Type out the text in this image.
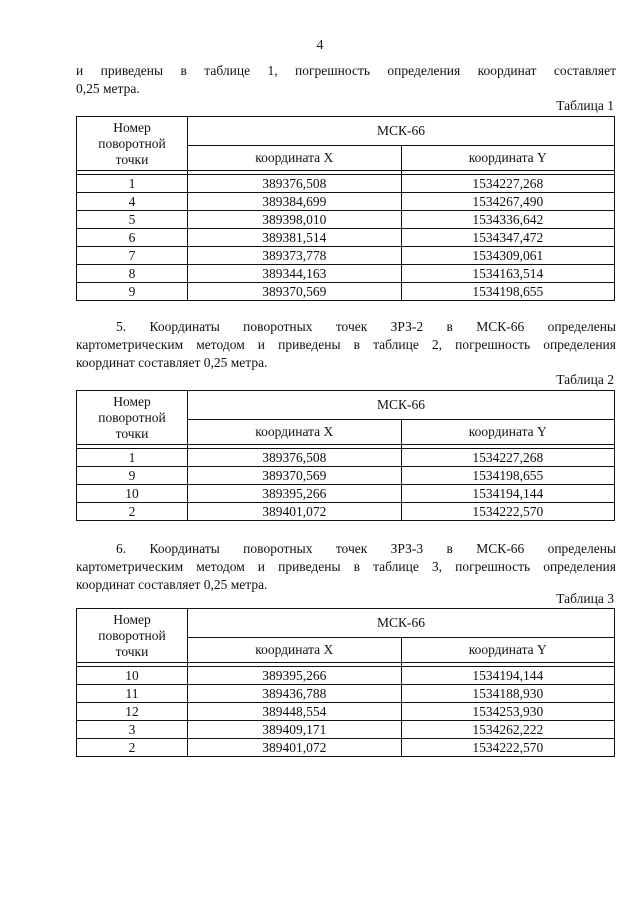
4
и приведены в таблице 1, погрешность определения координат составляет
0,25 метра.
Таблица 1
Номер
поворотной
точки	МСК-66	
	координата X	координата Y

1	389376,508	1534227,268
4	389384,699	1534267,490
5	389398,010	1534336,642
6	389381,514	1534347,472
7	389373,778	1534309,061
8	389344,163	1534163,514
9	389370,569	1534198,655
5. Координаты поворотных точек ЗРЗ-2 в МСК-66 определены
картометрическим методом и приведены в таблице 2, погрешность определения
координат составляет 0,25 метра.
Таблица 2
Номер
поворотной
точки	МСК-66	
	координата X	координата Y

1	389376,508	1534227,268
9	389370,569	1534198,655
10	389395,266	1534194,144
2	389401,072	1534222,570
6. Координаты поворотных точек ЗРЗ-3 в МСК-66 определены
картометрическим методом и приведены в таблице 3, погрешность определения
координат составляет 0,25 метра.
Таблица 3
Номер
поворотной
точки	МСК-66	
	координата X	координата Y

10	389395,266	1534194,144
11	389436,788	1534188,930
12	389448,554	1534253,930
3	389409,171	1534262,222
2	389401,072	1534222,570
